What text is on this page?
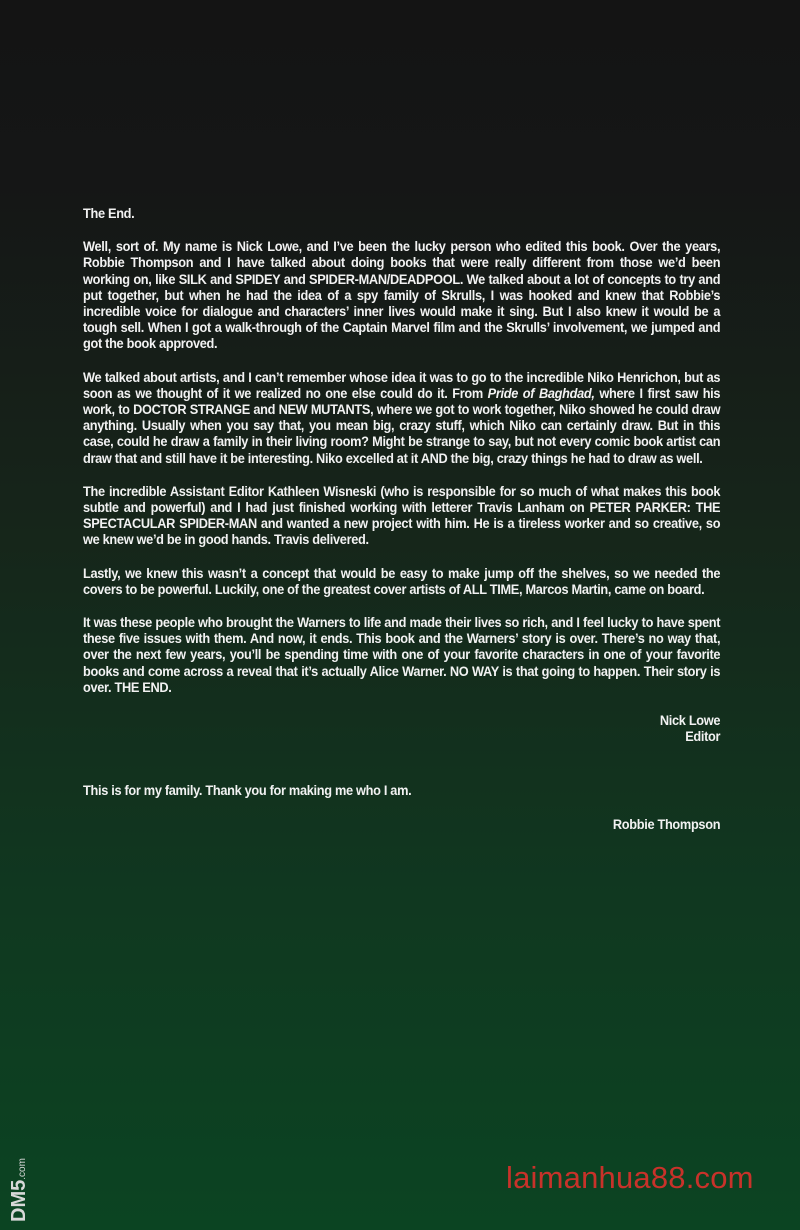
The End.

Well, sort of. My name is Nick Lowe, and I’ve been the lucky person who edited this book. Over the years, Robbie Thompson and I have talked about doing books that were really different from those we’d been working on, like SILK and SPIDEY and SPIDER-MAN/DEADPOOL. We talked about a lot of concepts to try and put together, but when he had the idea of a spy family of Skrulls, I was hooked and knew that Robbie’s incredible voice for dialogue and characters’ inner lives would make it sing. But I also knew it would be a tough sell. When I got a walk-through of the Captain Marvel film and the Skrulls’ involvement, we jumped and got the book approved.

We talked about artists, and I can’t remember whose idea it was to go to the incredible Niko Henrichon, but as soon as we thought of it we realized no one else could do it. From Pride of Baghdad, where I first saw his work, to DOCTOR STRANGE and NEW MUTANTS, where we got to work together, Niko showed he could draw anything. Usually when you say that, you mean big, crazy stuff, which Niko can certainly draw. But in this case, could he draw a family in their living room? Might be strange to say, but not every comic book artist can draw that and still have it be interesting. Niko excelled at it AND the big, crazy things he had to draw as well.

The incredible Assistant Editor Kathleen Wisneski (who is responsible for so much of what makes this book subtle and powerful) and I had just finished working with letterer Travis Lanham on PETER PARKER: THE SPECTACULAR SPIDER-MAN and wanted a new project with him. He is a tireless worker and so creative, so we knew we’d be in good hands. Travis delivered.

Lastly, we knew this wasn’t a concept that would be easy to make jump off the shelves, so we needed the covers to be powerful. Luckily, one of the greatest cover artists of ALL TIME, Marcos Martin, came on board.

It was these people who brought the Warners to life and made their lives so rich, and I feel lucky to have spent these five issues with them. And now, it ends. This book and the Warners’ story is over. There’s no way that, over the next few years, you’ll be spending time with one of your favorite characters in one of your favorite books and come across a reveal that it’s actually Alice Warner. NO WAY is that going to happen. Their story is over. THE END.

Nick Lowe

Editor

This is for my family. Thank you for making me who I am.

Robbie Thompson

DM5.com	laimanhua88.com
